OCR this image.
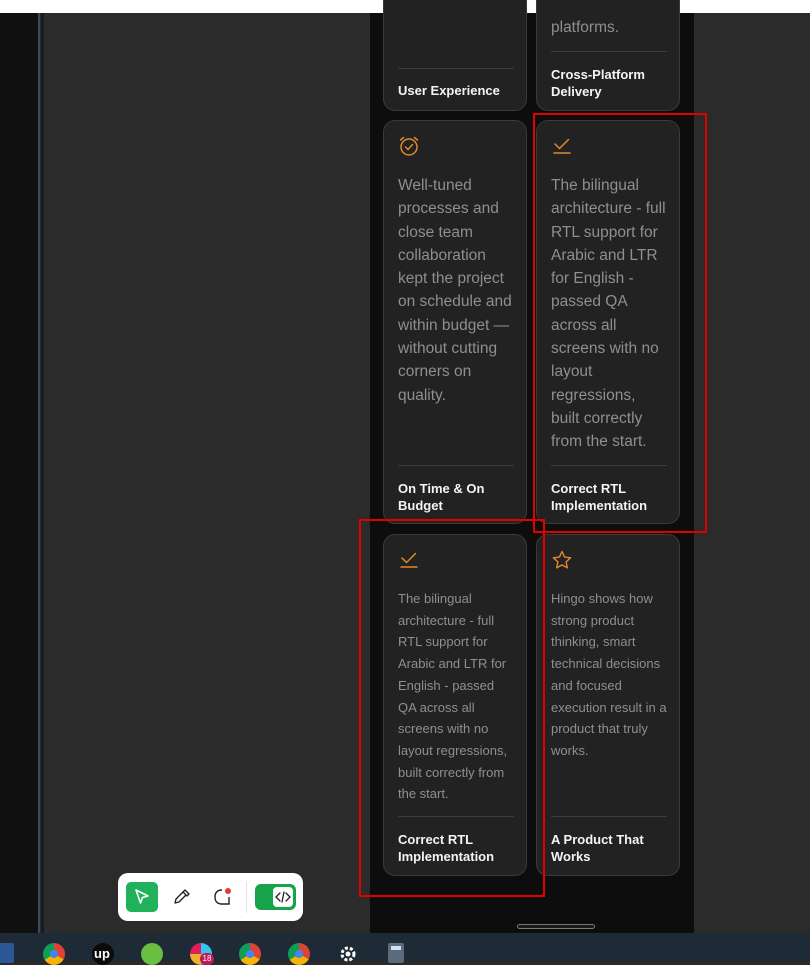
User Experience
platforms.
Cross-Platform Delivery
Well-tuned processes and close team collaboration kept the project on schedule and within budget — without cutting corners on quality.
On Time & On Budget
The bilingual architecture - full RTL support for Arabic and LTR for English - passed QA across all screens with no layout regressions, built correctly from the start.
Correct RTL Implementation
The bilingual architecture - full RTL support for Arabic and LTR for English - passed QA across all screens with no layout regressions, built correctly from the start.
Correct RTL Implementation
Hingo shows how strong product thinking, smart technical decisions and focused execution result in a product that truly works.
A Product That Works
up	18
